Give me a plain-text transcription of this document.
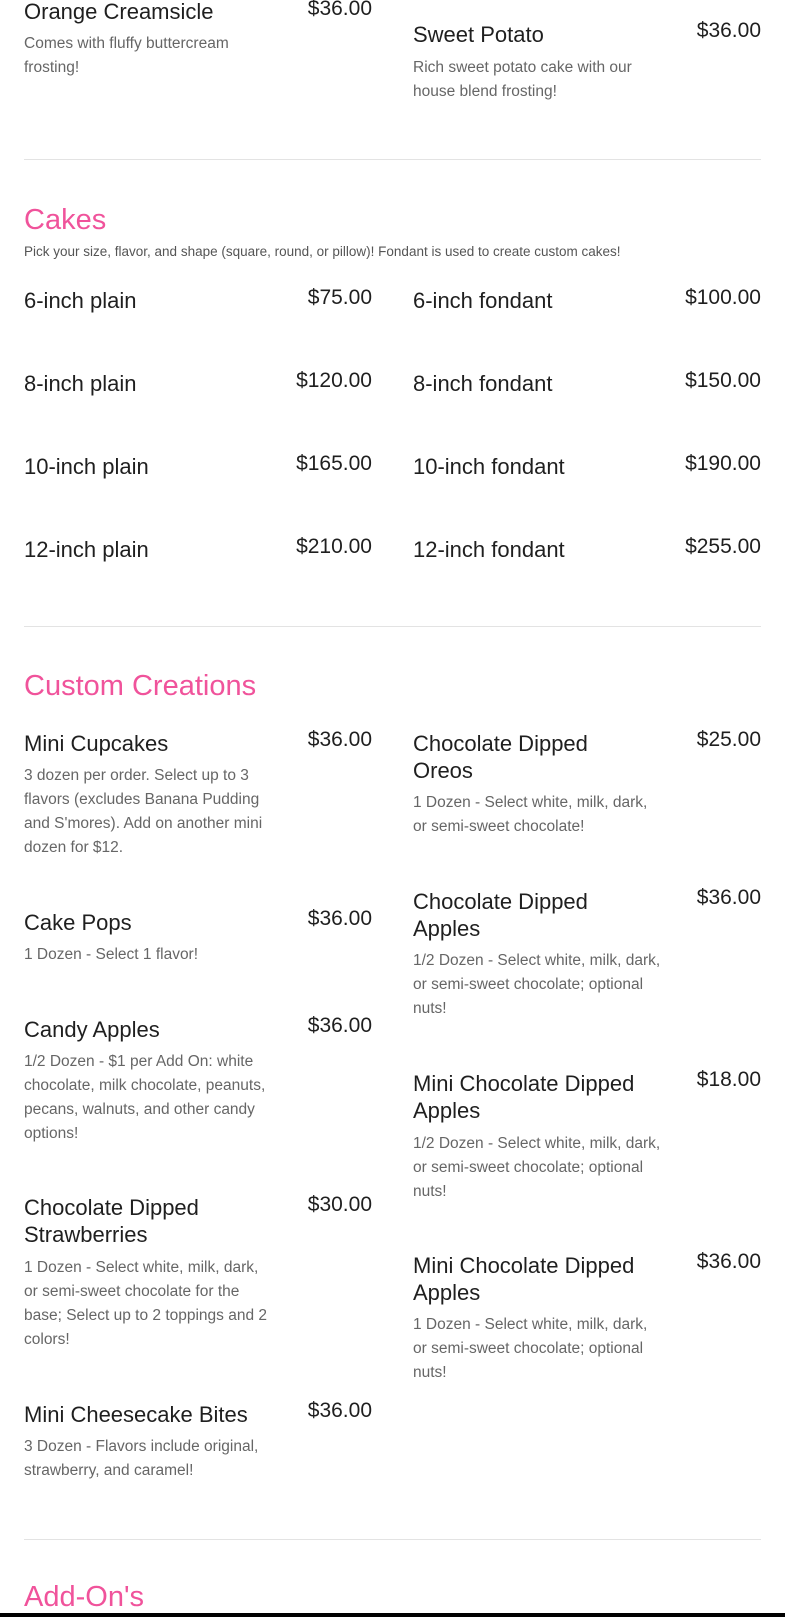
Orange Creamsicle	$36.00

Comes with fluffy buttercream frosting!

Sweet Potato	$36.00

Rich sweet potato cake with our house blend frosting!

Cakes

Pick your size, flavor, and shape (square, round, or pillow)! Fondant is used to create custom cakes!

6-inch plain	$75.00
8-inch plain	$120.00
10-inch plain	$165.00
12-inch plain	$210.00
6-inch fondant	$100.00
8-inch fondant	$150.00
10-inch fondant	$190.00
12-inch fondant	$255.00
Custom Creations
Mini Cupcakes	$36.00

3 dozen per order. Select up to 3 flavors (excludes Banana Pudding and S'mores). Add on another mini dozen for $12.

Cake Pops	$36.00

1 Dozen - Select 1 flavor!

Candy Apples	$36.00

1/2 Dozen - $1 per Add On: white chocolate, milk chocolate, peanuts, pecans, walnuts, and other candy options!

Chocolate Dipped Strawberries
$30.00

1 Dozen - Select white, milk, dark, or semi-sweet chocolate for the base; Select up to 2 toppings and 2 colors!

Mini Cheesecake Bites	$36.00

3 Dozen - Flavors include original, strawberry, and caramel!

Chocolate Dipped Oreos
$25.00

1 Dozen - Select white, milk, dark, or semi-sweet chocolate!

Chocolate Dipped Apples
$36.00

1/2 Dozen - Select white, milk, dark, or semi-sweet chocolate; optional nuts!

Mini Chocolate Dipped Apples
$18.00

1/2 Dozen - Select white, milk, dark, or semi-sweet chocolate; optional nuts!

Mini Chocolate Dipped Apples
$36.00

1 Dozen - Select white, milk, dark, or semi-sweet chocolate; optional nuts!

Add-On's
